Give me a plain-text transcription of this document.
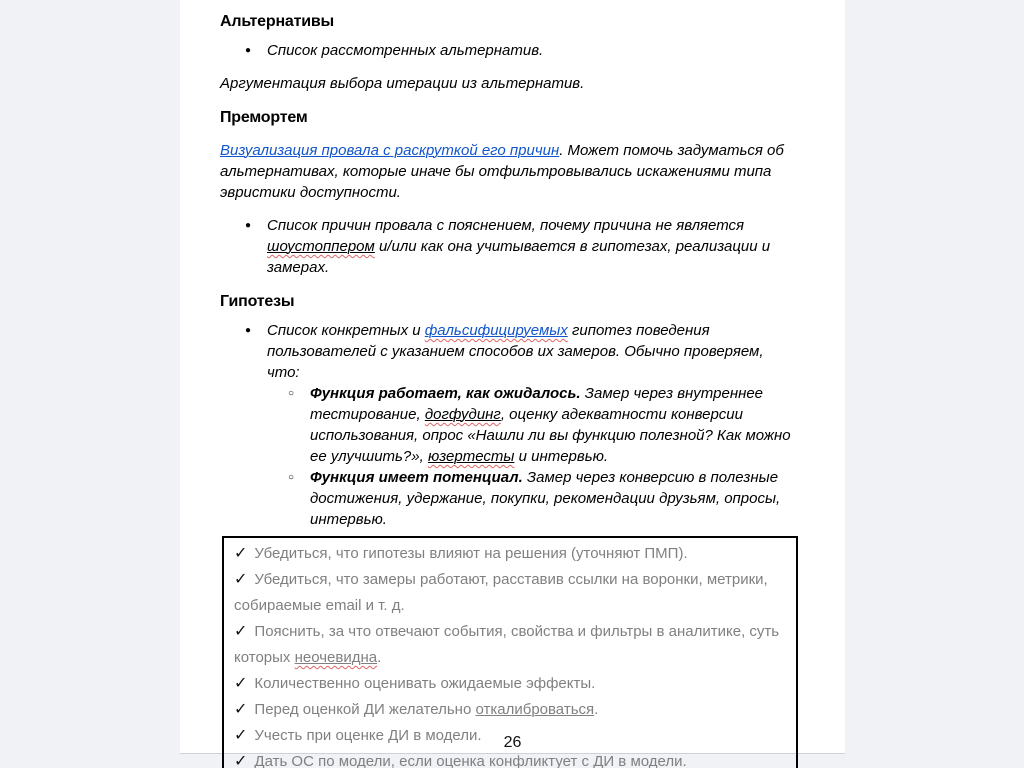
Альтернативы
●	Список рассмотренных альтернатив.
Аргументация выбора итерации из альтернатив.
Премортем
Визуализация провала с раскруткой его причин. Может помочь задуматься об альтернативах, которые иначе бы отфильтровывались искажениями типа эвристики доступности.
●	Список причин провала с пояснением, почему причина не является шоустоппером и/или как она учитывается в гипотезах, реализации и замерах.
Гипотезы
●	Список конкретных и фальсифицируемых гипотез поведения пользователей с указанием способов их замеров. Обычно проверяем, что:
○	Функция работает, как ожидалось. Замер через внутреннее тестирование, догфудинг, оценку адекватности конверсии использования, опрос «Нашли ли вы функцию полезной? Как можно ее улучшить?», юзертесты и интервью.
○	Функция имеет потенциал. Замер через конверсию в полезные достижения, удержание, покупки, рекомендации друзьям, опросы, интервью.
✓ Убедиться, что гипотезы влияют на решения (уточняют ПМП).
✓ Убедиться, что замеры работают, расставив ссылки на воронки, метрики, собираемые email и т. д.
✓ Пояснить, за что отвечают события, свойства и фильтры в аналитике, суть которых неочевидна.
✓ Количественно оценивать ожидаемые эффекты.
✓ Перед оценкой ДИ желательно откалиброваться.
✓ Учесть при оценке ДИ в модели.
✓ Дать ОС по модели, если оценка конфликтует с ДИ в модели.
26
